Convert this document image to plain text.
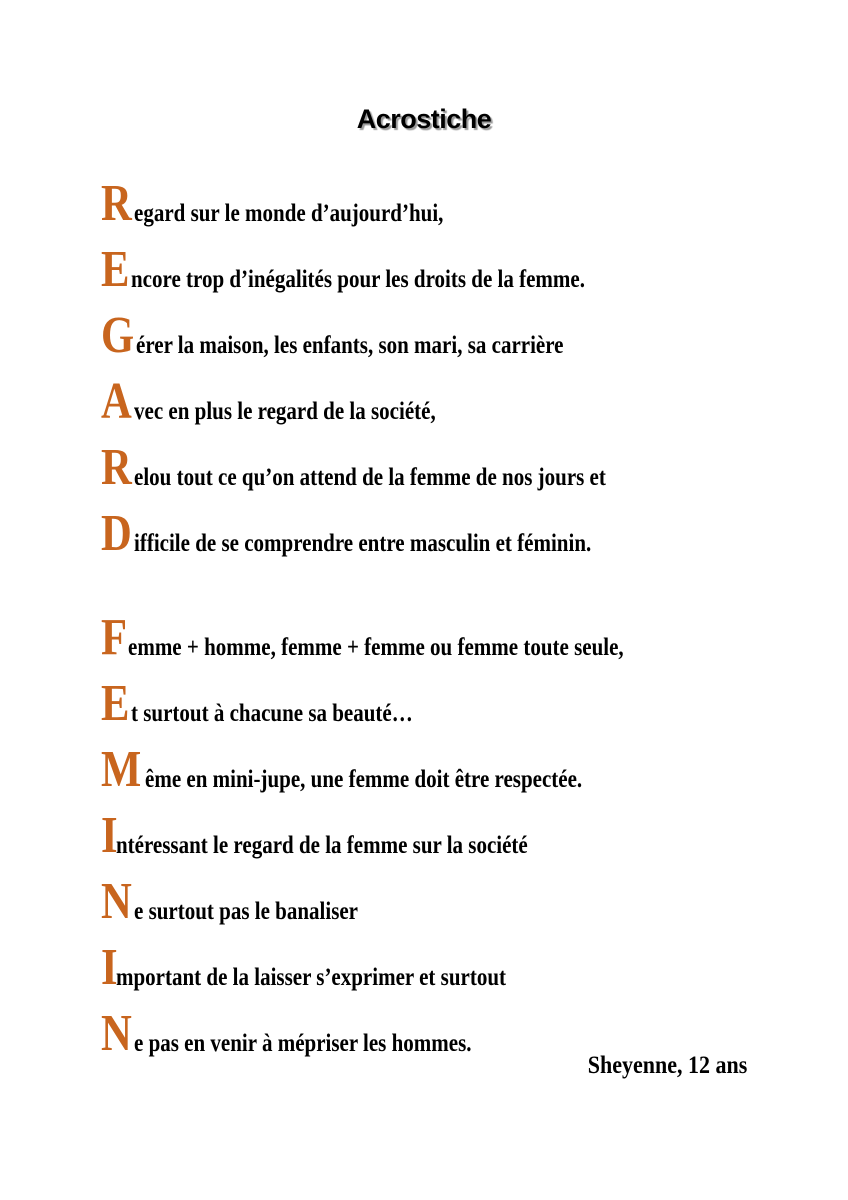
Acrostiche
R egard sur le monde d’aujourd’hui,
E ncore trop d’inégalités pour les droits de la femme.
G érer la maison, les enfants, son mari, sa carrière
A vec en plus le regard de la société,
R elou tout ce qu’on attend de la femme de nos jours et
D ifficile de se comprendre entre masculin et féminin.
F emme + homme, femme + femme ou femme toute seule,
E t surtout à chacune sa beauté…
M ême en mini-jupe, une femme doit être respectée.
I
ntéressant le regard de la femme sur la société
N e surtout pas le banaliser
I
mportant de la laisser s’exprimer et surtout
N e pas en venir à mépriser les hommes.
Sheyenne, 12 ans
